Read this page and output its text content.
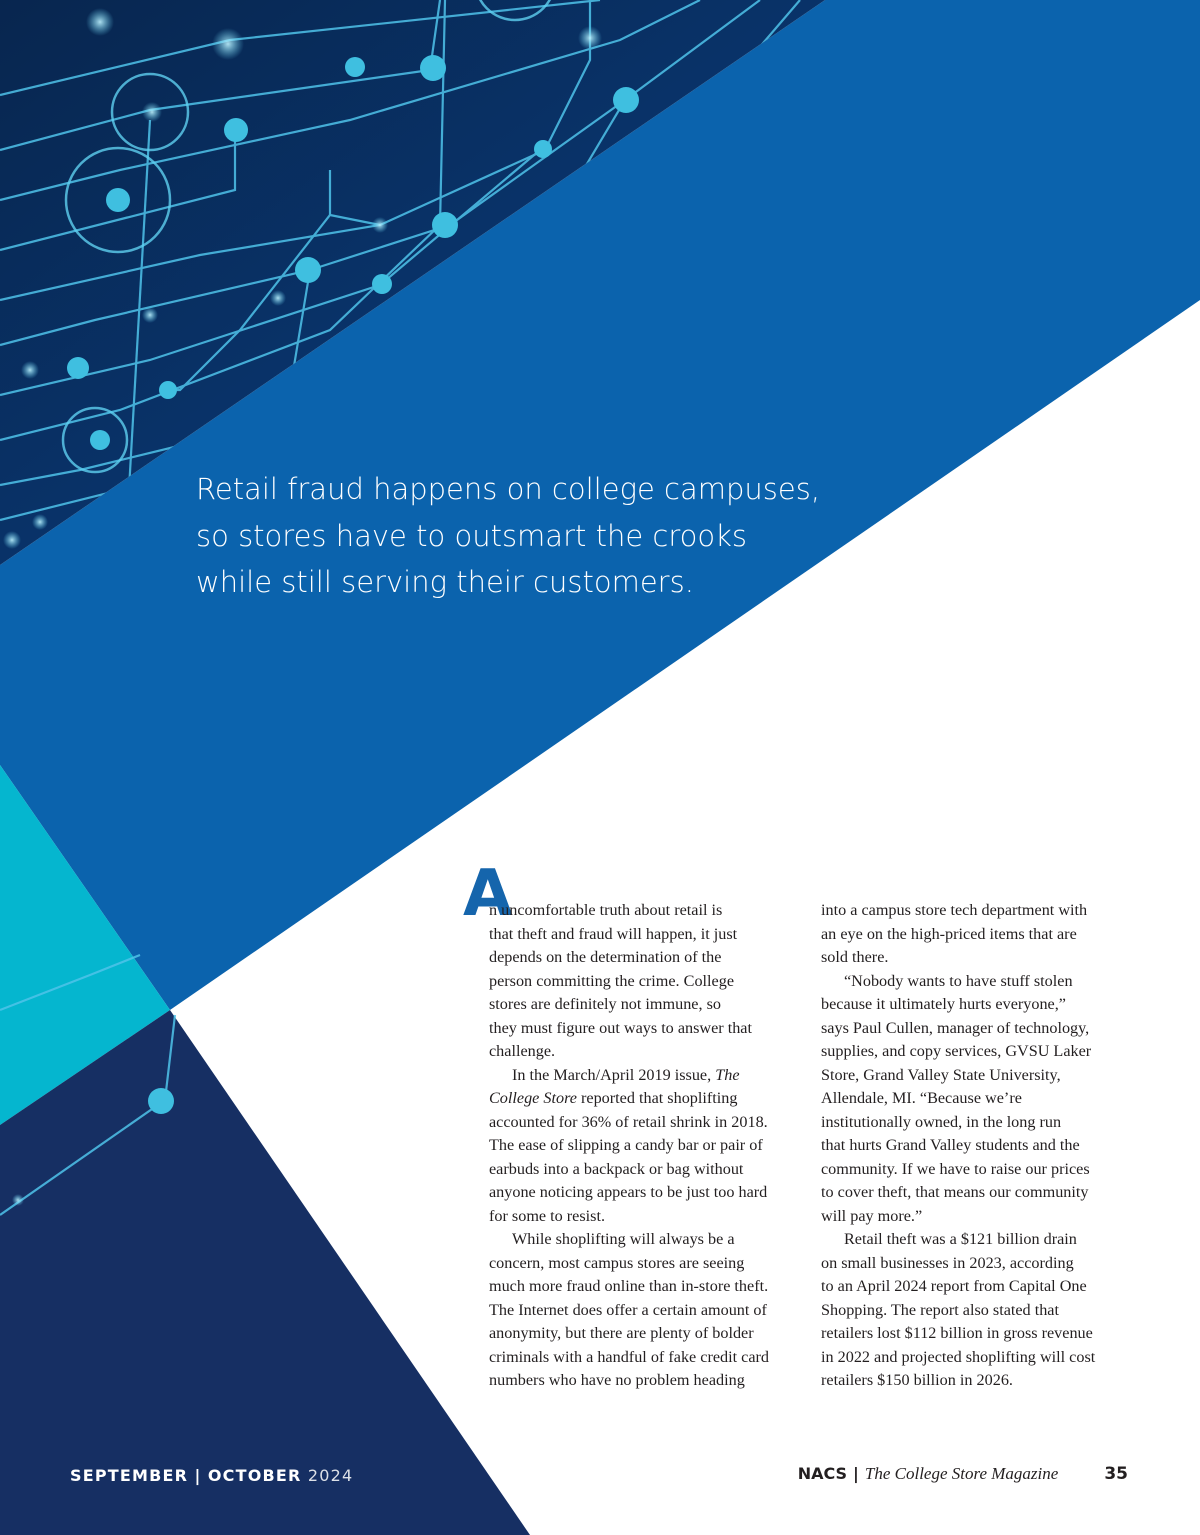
Retail fraud happens on college campuses,
so stores have to outsmart the crooks
while still serving their customers.
A
n uncomfortable truth about retail is
that theft and fraud will happen, it just
depends on the determination of the
person committing the crime. College
stores are definitely not immune, so
they must figure out ways to answer that
challenge.
In the March/April 2019 issue, The
College Store reported that shoplifting
accounted for 36% of retail shrink in 2018.
The ease of slipping a candy bar or pair of
earbuds into a backpack or bag without
anyone noticing appears to be just too hard
for some to resist.
While shoplifting will always be a
concern, most campus stores are seeing
much more fraud online than in-store theft.
The Internet does offer a certain amount of
anonymity, but there are plenty of bolder
criminals with a handful of fake credit card
numbers who have no problem heading
into a campus store tech department with
an eye on the high-priced items that are
sold there.
“Nobody wants to have stuff stolen
because it ultimately hurts everyone,”
says Paul Cullen, manager of technology,
supplies, and copy services, GVSU Laker
Store, Grand Valley State University,
Allendale, MI. “Because we’re
institutionally owned, in the long run
that hurts Grand Valley students and the
community. If we have to raise our prices
to cover theft, that means our community
will pay more.”
Retail theft was a $121 billion drain
on small businesses in 2023, according
to an April 2024 report from Capital One
Shopping. The report also stated that
retailers lost $112 billion in gross revenue
in 2022 and projected shoplifting will cost
retailers $150 billion in 2026.
SEPTEMBER | OCTOBER 2024	NACS | The College Store Magazine	35
